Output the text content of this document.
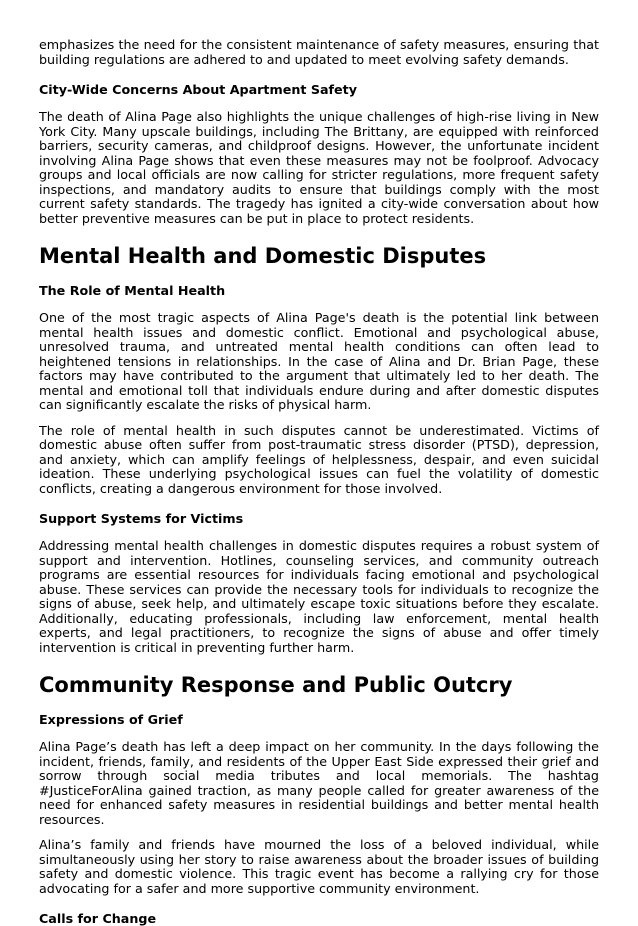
emphasizes the need for the consistent maintenance of safety measures, ensuring that building regulations are adhered to and updated to meet evolving safety demands.

City-Wide Concerns About Apartment Safety

The death of Alina Page also highlights the unique challenges of high-rise living in New York City. Many upscale buildings, including The Brittany, are equipped with reinforced barriers, security cameras, and childproof designs. However, the unfortunate incident involving Alina Page shows that even these measures may not be foolproof. Advocacy groups and local officials are now calling for stricter regulations, more frequent safety inspections, and mandatory audits to ensure that buildings comply with the most current safety standards. The tragedy has ignited a city-wide conversation about how better preventive measures can be put in place to protect residents.

Mental Health and Domestic Disputes
The Role of Mental Health

One of the most tragic aspects of Alina Page's death is the potential link between mental health issues and domestic conflict. Emotional and psychological abuse, unresolved trauma, and untreated mental health conditions can often lead to heightened tensions in relationships. In the case of Alina and Dr. Brian Page, these factors may have contributed to the argument that ultimately led to her death. The mental and emotional toll that individuals endure during and after domestic disputes can significantly escalate the risks of physical harm.

The role of mental health in such disputes cannot be underestimated. Victims of domestic abuse often suffer from post-traumatic stress disorder (PTSD), depression, and anxiety, which can amplify feelings of helplessness, despair, and even suicidal ideation. These underlying psychological issues can fuel the volatility of domestic conflicts, creating a dangerous environment for those involved.

Support Systems for Victims

Addressing mental health challenges in domestic disputes requires a robust system of support and intervention. Hotlines, counseling services, and community outreach programs are essential resources for individuals facing emotional and psychological abuse. These services can provide the necessary tools for individuals to recognize the signs of abuse, seek help, and ultimately escape toxic situations before they escalate. Additionally, educating professionals, including law enforcement, mental health experts, and legal practitioners, to recognize the signs of abuse and offer timely intervention is critical in preventing further harm.

Community Response and Public Outcry
Expressions of Grief

Alina Page’s death has left a deep impact on her community. In the days following the incident, friends, family, and residents of the Upper East Side expressed their grief and sorrow through social media tributes and local memorials. The hashtag #JusticeForAlina gained traction, as many people called for greater awareness of the need for enhanced safety measures in residential buildings and better mental health resources.

Alina’s family and friends have mourned the loss of a beloved individual, while simultaneously using her story to raise awareness about the broader issues of building safety and domestic violence. This tragic event has become a rallying cry for those advocating for a safer and more supportive community environment.

Calls for Change
